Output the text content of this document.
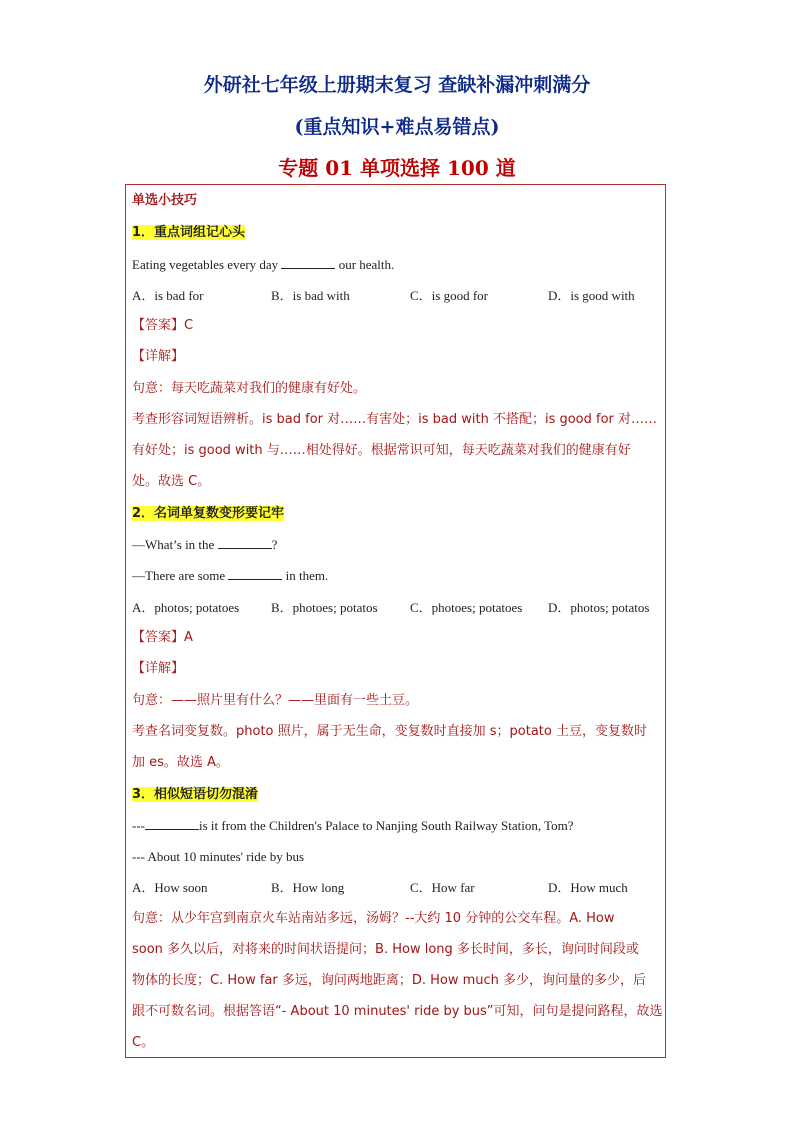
外研社七年级上册期末复习 查缺补漏冲刺满分
(重点知识+难点易错点)
专题 01 单项选择 100 道
单选小技巧
1．重点词组记心头
Eating vegetables every day	our health.
A．is bad for	B．is bad with	C．is good for	D．is good with
【答案】C
【详解】
句意：每天吃蔬菜对我们的健康有好处。
考查形容词短语辨析。is bad for 对……有害处；is bad with 不搭配；is good for 对……
有好处；is good with 与……相处得好。根据常识可知，每天吃蔬菜对我们的健康有好
处。故选 C。
2．名词单复数变形要记牢
—What’s in the	?
—There are some	in them.
A．photos; potatoes B．photoes; potatos C．photoes; potatoes D．photos; potatos
【答案】A
【详解】
句意：——照片里有什么？——里面有一些土豆。
考查名词变复数。photo 照片，属于无生命，变复数时直接加 s；potato 土豆，变复数时
加 es。故选 A。
3．相似短语切勿混淆
---	is it from the Children's Palace to Nanjing South Railway Station, Tom?
--- About 10 minutes' ride by bus
A．How soon	B．How long	C．How far	D．How much
句意：从少年宫到南京火车站南站多远，汤姆？--大约 10 分钟的公交车程。A. How
soon 多久以后，对将来的时间状语提问；B. How long 多长时间，多长，询问时间段或
物体的长度；C. How far 多远，询问两地距离；D. How much 多少，询问量的多少，后
跟不可数名词。根据答语“- About 10 minutes' ride by bus”可知，问句是提问路程，故选
C。
